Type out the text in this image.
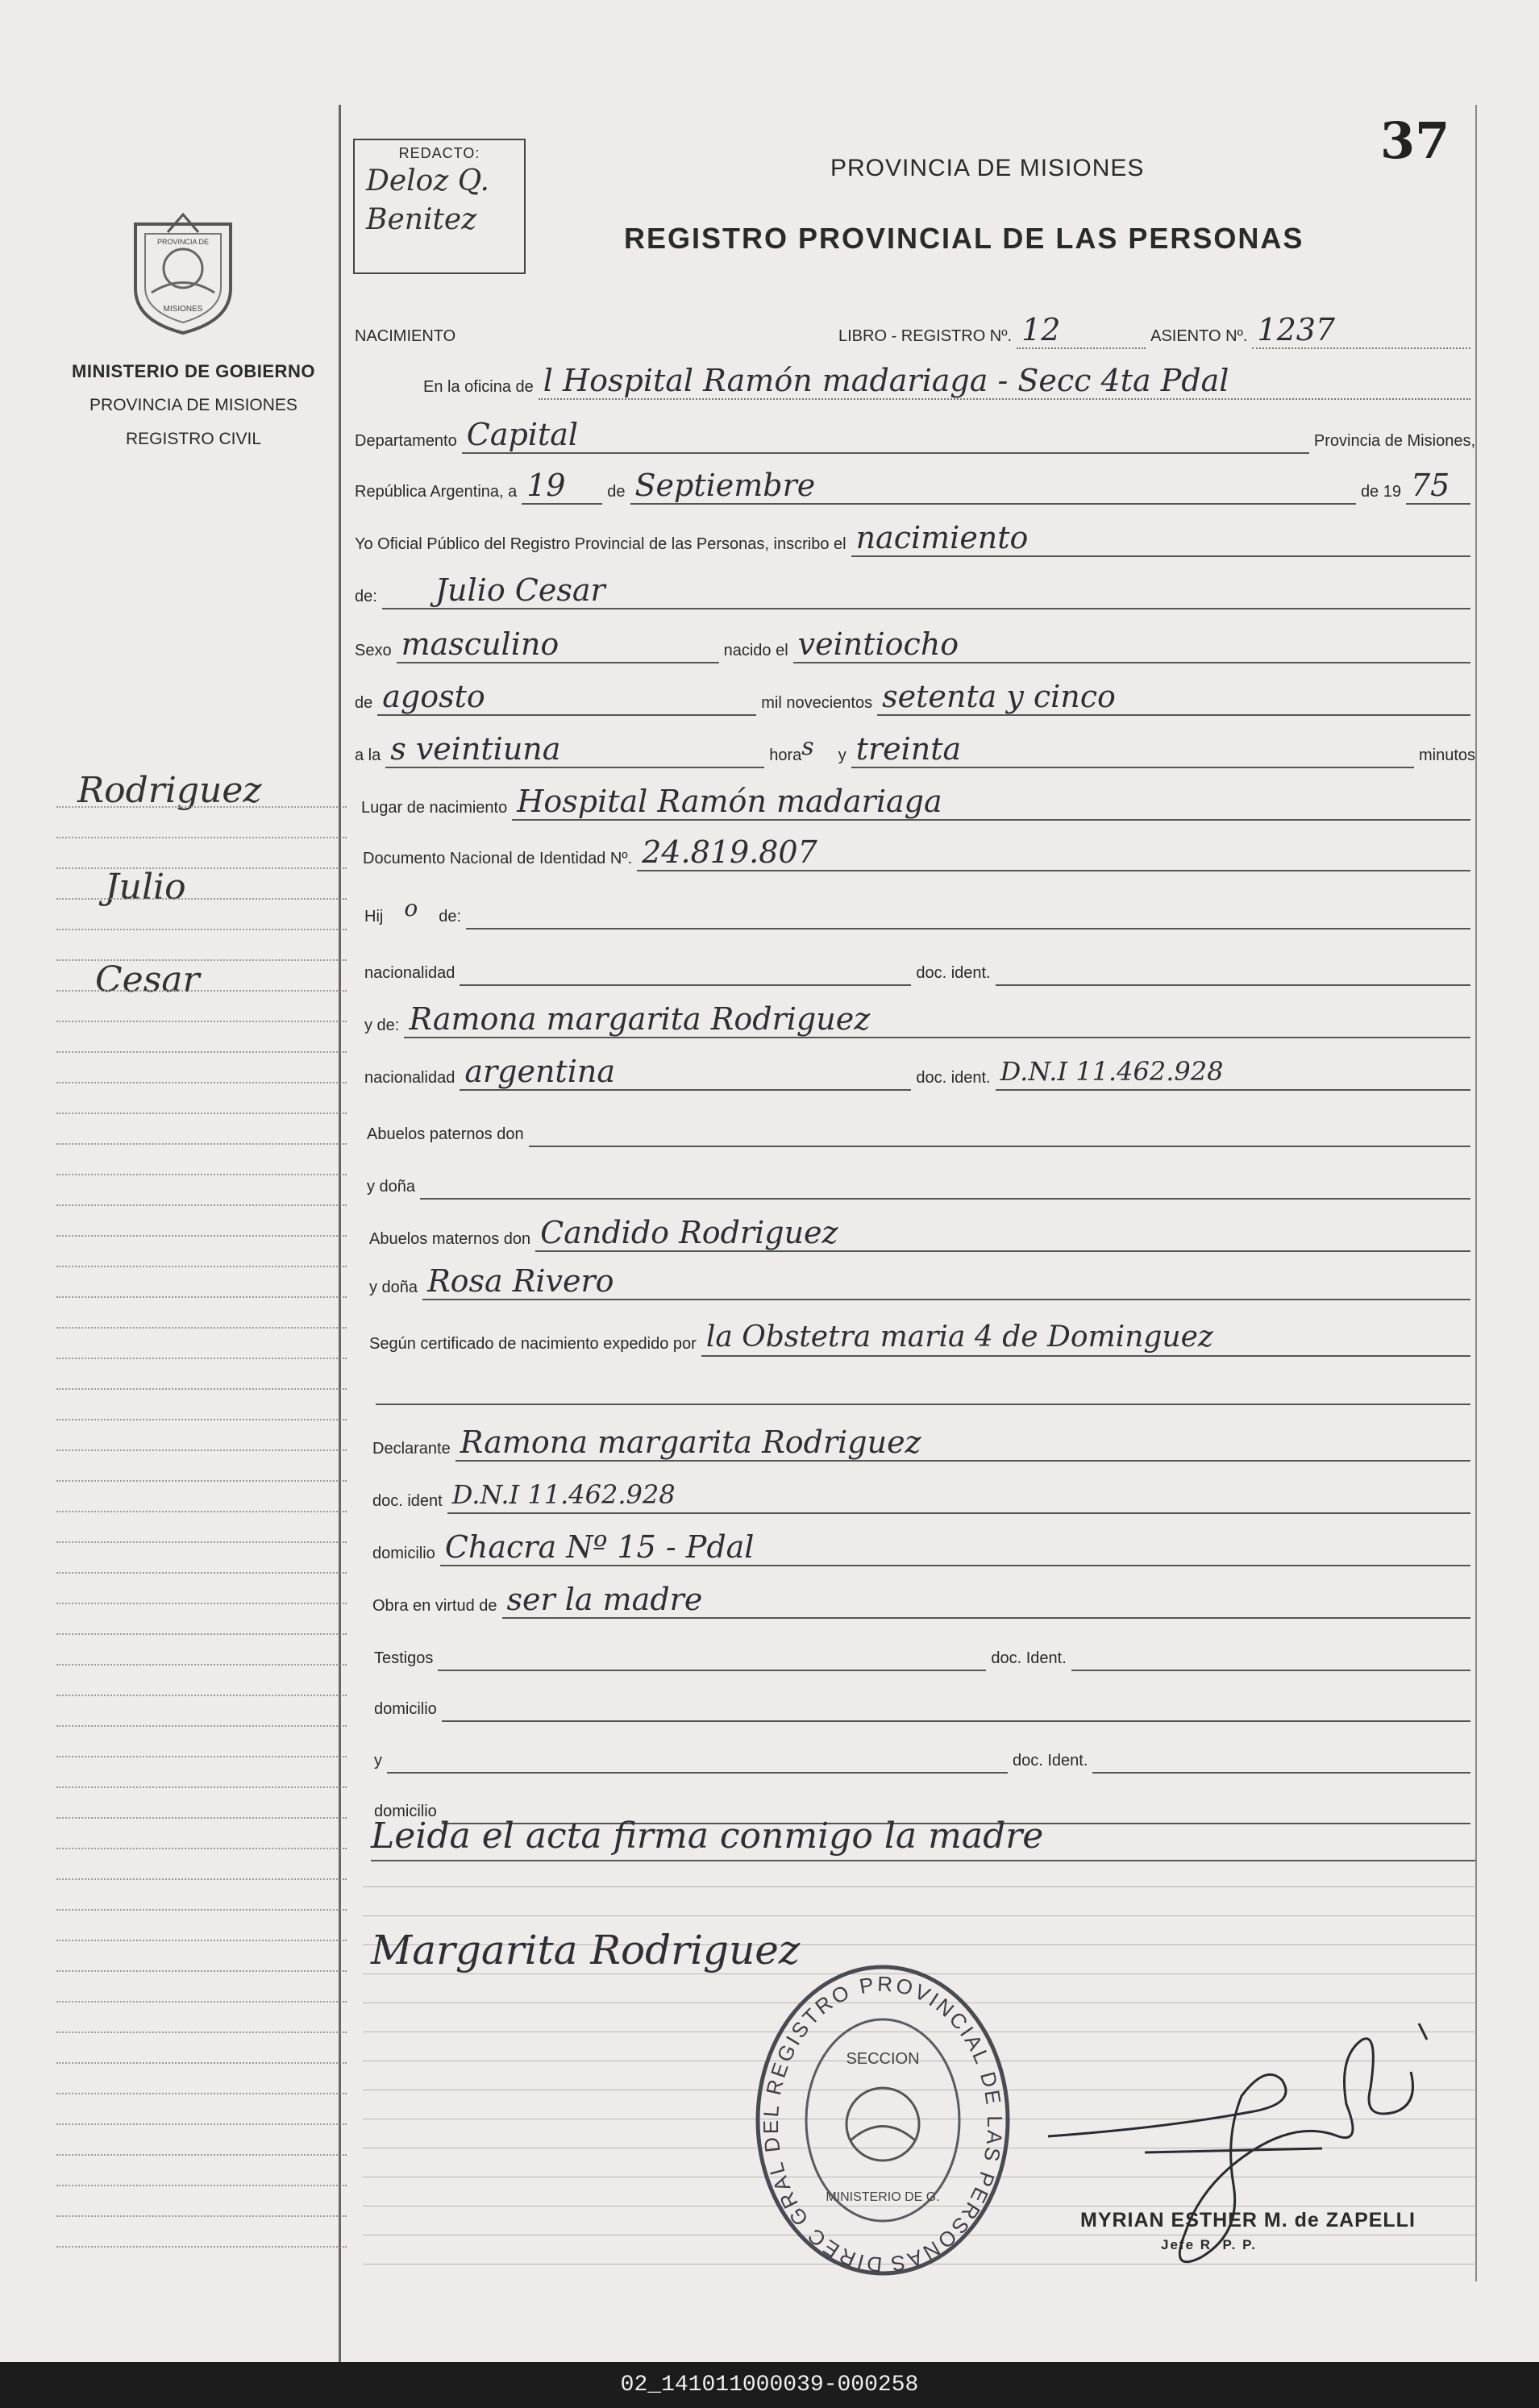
PROVINCIA DE
MISIONES
MINISTERIO DE GOBIERNO
PROVINCIA DE MISIONES
REGISTRO CIVIL
Rodriguez
Julio
Cesar
37
REDACTO:
Deloz Q.
Benitez
PROVINCIA DE MISIONES
REGISTRO PROVINCIAL DE LAS PERSONAS
NACIMIENTO	LIBRO - REGISTRO Nº. 12	ASIENTO Nº. 1237
En la oficina de l Hospital Ramón madariaga - Secc 4ta Pdal
Departamento Capital	Provincia de Misiones,
República Argentina, a 19	de Septiembre	de 19 75
Yo Oficial Público del Registro Provincial de las Personas, inscribo el nacimiento
de:	Julio Cesar
Sexo masculino	nacido el veintiocho
de agosto	mil novecientos setenta y cinco
a la s veintiuna	hora s	y treinta	minutos
Lugar de nacimiento Hospital Ramón madariaga
Documento Nacional de Identidad Nº. 24.819.807
Hij o	de:
nacionalidad	doc. ident.
y de: Ramona margarita Rodriguez
nacionalidad argentina	doc. ident. D.N.I 11.462.928
Abuelos paternos don
y doña
Abuelos maternos don Candido Rodriguez
y doña Rosa Rivero
Según certificado de nacimiento expedido por la Obstetra maria 4 de Dominguez
Declarante Ramona margarita Rodriguez
doc. ident D.N.I 11.462.928
domicilio Chacra Nº 15 - Pdal
Obra en virtud de ser la madre
Testigos	doc. Ident.
domicilio
y	doc. Ident.
domicilio
Leida el acta firma conmigo la madre
Margarita Rodriguez
DIREC GRAL DEL REGISTRO PROVINCIAL DE LAS PERSONAS
SECCION
MINISTERIO DE G.
MYRIAN ESTHER M. de ZAPELLI
Jefe R. P. P.
02_141011000039-000258
